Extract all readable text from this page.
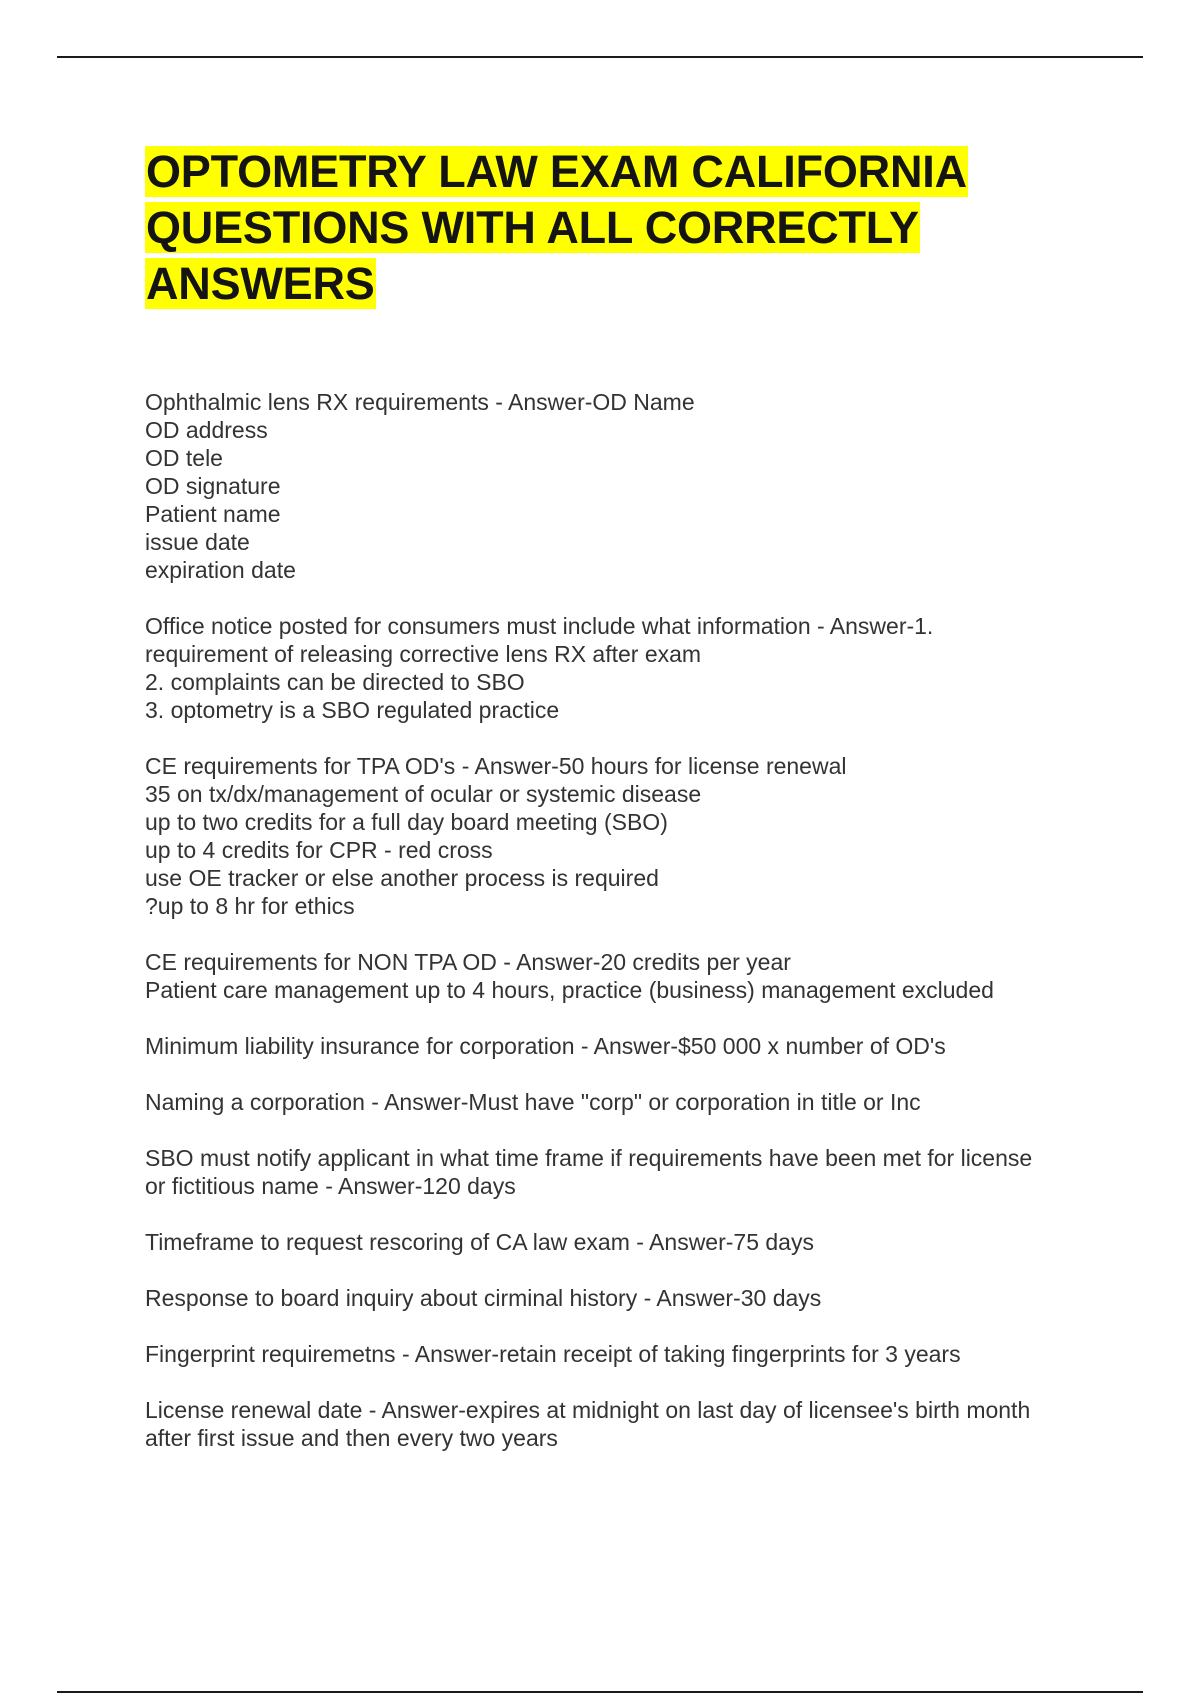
OPTOMETRY LAW EXAM CALIFORNIA QUESTIONS WITH ALL CORRECTLY ANSWERS
Ophthalmic lens RX requirements - Answer-OD Name
OD address
OD tele
OD signature
Patient name
issue date
expiration date
Office notice posted for consumers must include what information - Answer-1.
requirement of releasing corrective lens RX after exam
2. complaints can be directed to SBO
3. optometry is a SBO regulated practice
CE requirements for TPA OD's - Answer-50 hours for license renewal
35 on tx/dx/management of ocular or systemic disease
up to two credits for a full day board meeting (SBO)
up to 4 credits for CPR - red cross
use OE tracker or else another process is required
?up to 8 hr for ethics
CE requirements for NON TPA OD - Answer-20 credits per year
Patient care management up to 4 hours, practice (business) management excluded
Minimum liability insurance for corporation - Answer-$50 000 x number of OD's
Naming a corporation - Answer-Must have "corp" or corporation in title or Inc
SBO must notify applicant in what time frame if requirements have been met for license
or fictitious name - Answer-120 days
Timeframe to request rescoring of CA law exam - Answer-75 days
Response to board inquiry about cirminal history - Answer-30 days
Fingerprint requiremetns - Answer-retain receipt of taking fingerprints for 3 years
License renewal date - Answer-expires at midnight on last day of licensee's birth month
after first issue and then every two years
